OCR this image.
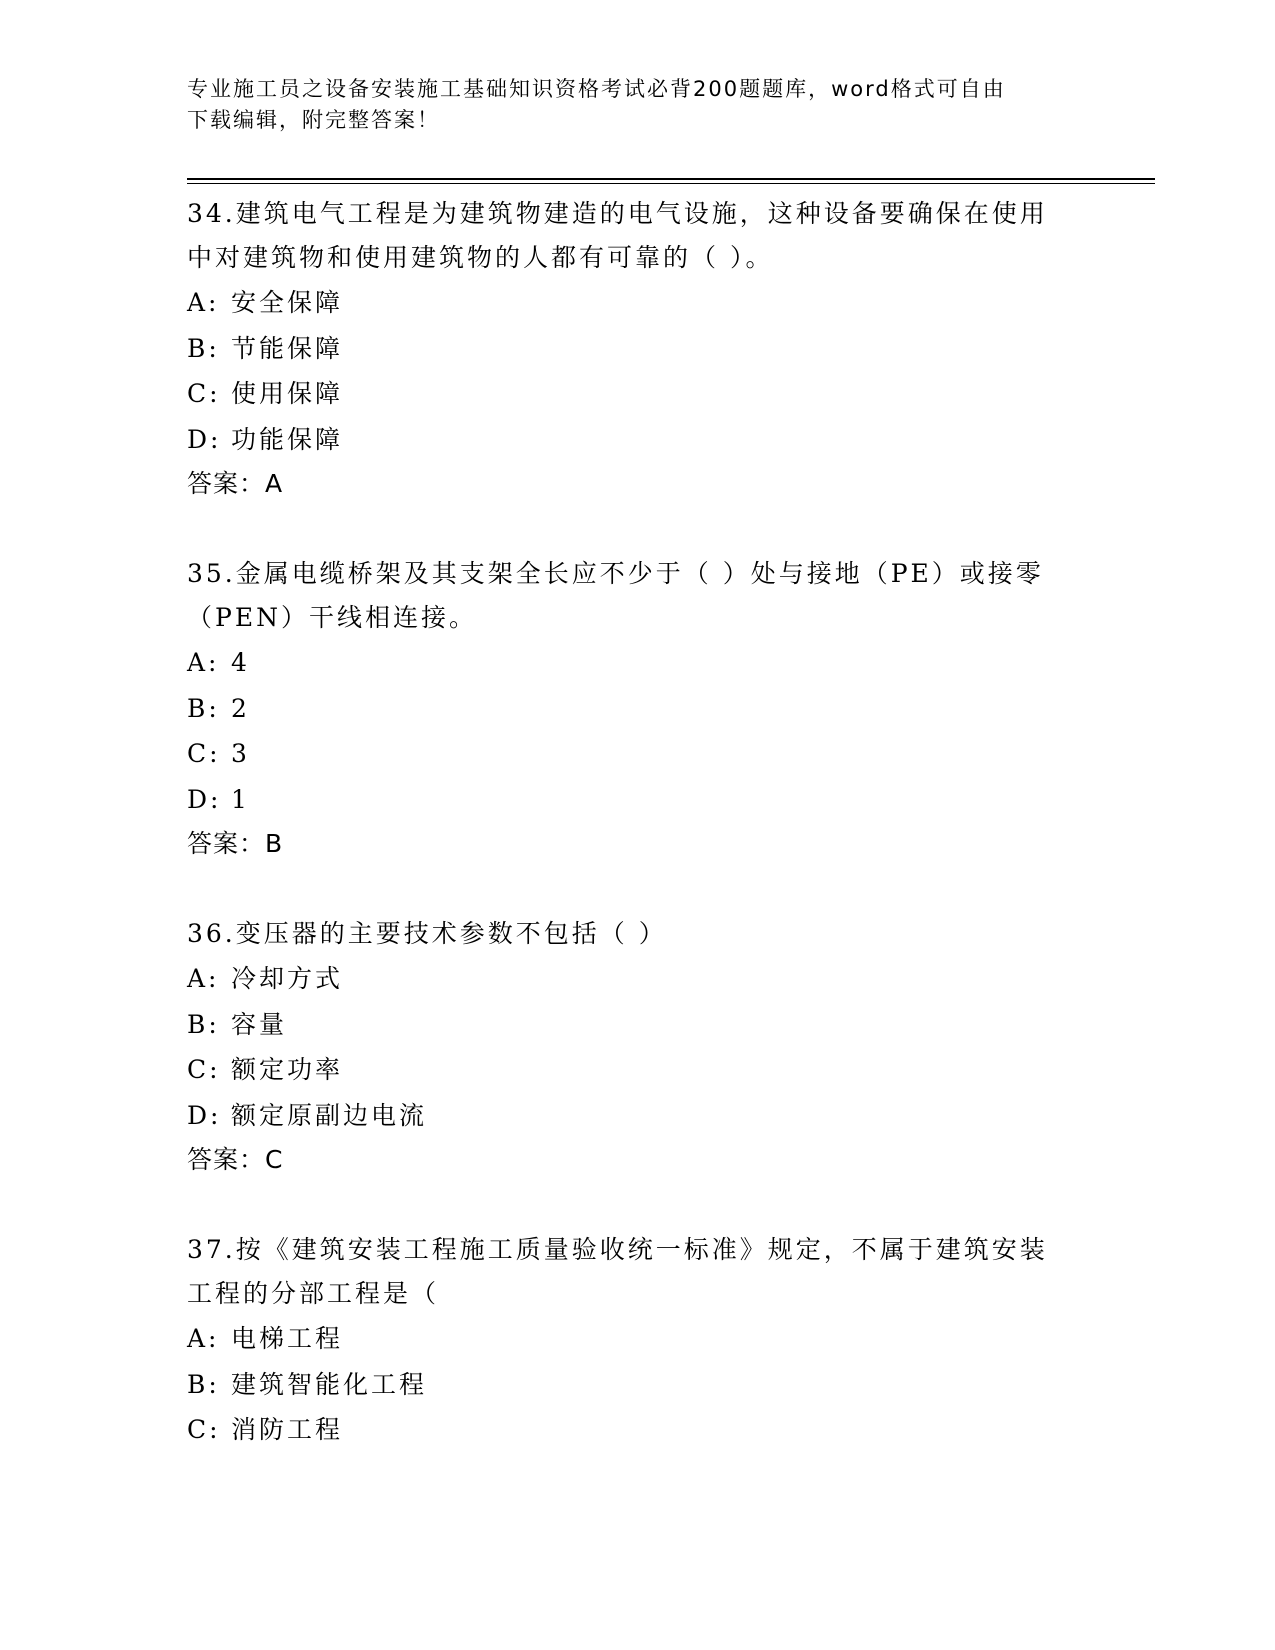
专业施工员之设备安装施工基础知识资格考试必背200题题库，word格式可自由
下载编辑，附完整答案！
34.建筑电气工程是为建筑物建造的电气设施，这种设备要确保在使用
中对建筑物和使用建筑物的人都有可靠的（ ）。
A: 安全保障
B: 节能保障
C: 使用保障
D: 功能保障
答案：A
35.金属电缆桥架及其支架全长应不少于（ ）处与接地（PE）或接零
（PEN）干线相连接。
A: 4
B: 2
C: 3
D: 1
答案：B
36.变压器的主要技术参数不包括（ ）
A: 冷却方式
B: 容量
C: 额定功率
D: 额定原副边电流
答案：C
37.按《建筑安装工程施工质量验收统一标准》规定，不属于建筑安装
工程的分部工程是（
A: 电梯工程
B: 建筑智能化工程
C: 消防工程
